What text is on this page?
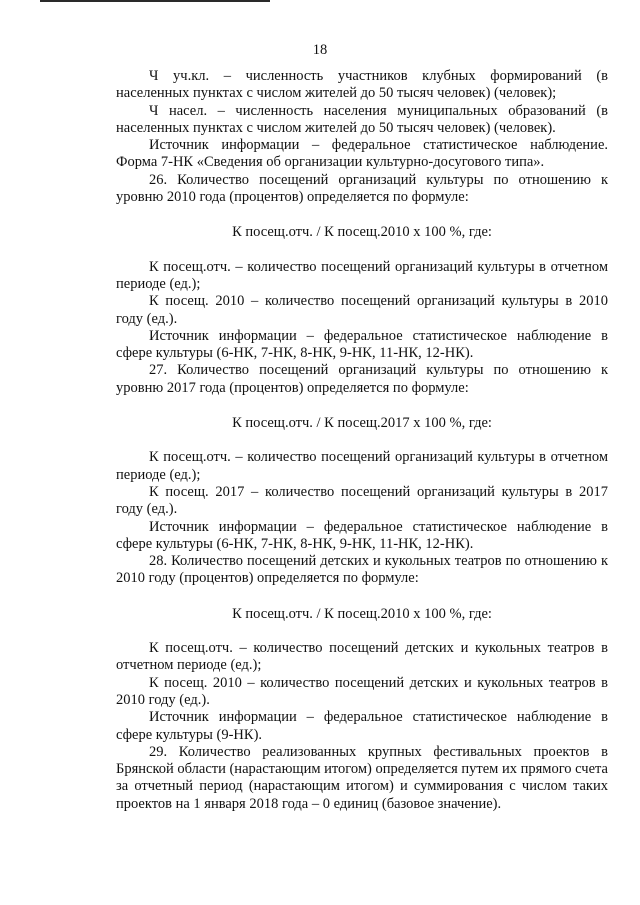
18

Ч уч.кл. – численность участников клубных формирований (в населенных пунктах с числом жителей до 50 тысяч человек) (человек);

Ч насел. – численность населения муниципальных образований (в населенных пунктах с числом жителей до 50 тысяч человек) (человек).

Источник информации – федеральное статистическое наблюдение. Форма 7-НК «Сведения об организации культурно-досугового типа».

26. Количество посещений организаций культуры по отношению к уровню 2010 года (процентов) определяется по формуле:

К посещ.отч. / К посещ.2010 х 100 %, где:

К посещ.отч. – количество посещений организаций культуры в отчетном периоде (ед.);

К посещ. 2010 – количество посещений организаций культуры в 2010 году (ед.).

Источник информации – федеральное статистическое наблюдение в сфере культуры (6-НК, 7-НК, 8-НК, 9-НК, 11-НК, 12-НК).

27. Количество посещений организаций культуры по отношению к уровню 2017 года (процентов) определяется по формуле:

К посещ.отч. / К посещ.2017 х 100 %, где:

К посещ.отч. – количество посещений организаций культуры в отчетном периоде (ед.);

К посещ. 2017 – количество посещений организаций культуры в 2017 году (ед.).

Источник информации – федеральное статистическое наблюдение в сфере культуры (6-НК, 7-НК, 8-НК, 9-НК, 11-НК, 12-НК).

28. Количество посещений детских и кукольных театров по отношению к 2010 году (процентов) определяется по формуле:

К посещ.отч. / К посещ.2010 х 100 %, где:

К посещ.отч. – количество посещений детских и кукольных театров в отчетном периоде (ед.);

К посещ. 2010 – количество посещений детских и кукольных театров в 2010 году (ед.).

Источник информации – федеральное статистическое наблюдение в сфере культуры (9-НК).

29. Количество реализованных крупных фестивальных проектов в Брянской области (нарастающим итогом) определяется путем их прямого счета за отчетный период (нарастающим итогом) и суммирования с числом таких проектов на 1 января 2018 года – 0 единиц (базовое значение).
